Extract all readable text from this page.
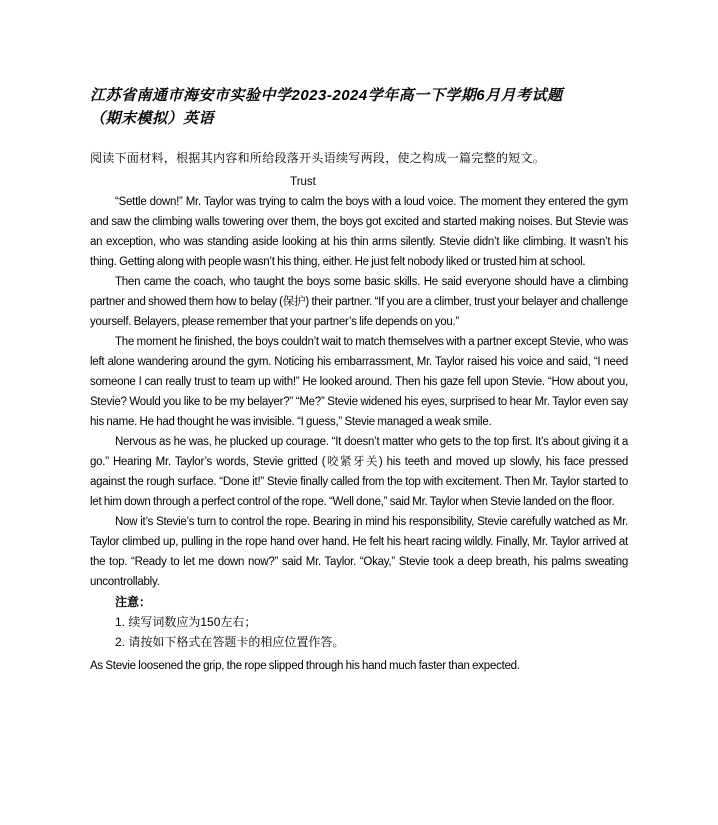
江苏省南通市海安市实验中学2023-2024学年高一下学期6月月考试题
（期末模拟）英语
阅读下面材料，根据其内容和所给段落开头语续写两段，使之构成一篇完整的短文。
Trust

“Settle down!” Mr. Taylor was trying to calm the boys with a loud voice. The moment they entered the gym and saw the climbing walls towering over them, the boys got excited and started making noises. But Stevie was an exception, who was standing aside looking at his thin arms silently. Stevie didn’t like climbing. It wasn’t his thing. Getting along with people wasn’t his thing, either. He just felt nobody liked or trusted him at school.

Then came the coach, who taught the boys some basic skills. He said everyone should have a climbing partner and showed them how to belay (保护) their partner. “If you are a climber, trust your belayer and challenge yourself. Belayers, please remember that your partner’s life depends on you.”

The moment he finished, the boys couldn’t wait to match themselves with a partner except Stevie, who was left alone wandering around the gym. Noticing his embarrassment, Mr. Taylor raised his voice and said, “I need someone I can really trust to team up with!” He looked around. Then his gaze fell upon Stevie. “How about you, Stevie? Would you like to be my belayer?” “Me?” Stevie widened his eyes, surprised to hear Mr. Taylor even say his name. He had thought he was invisible. “I guess,” Stevie managed a weak smile.

Nervous as he was, he plucked up courage. “It doesn’t matter who gets to the top first. It’s about giving it a go.” Hearing Mr. Taylor’s words, Stevie gritted (咬紧牙关) his teeth and moved up slowly, his face pressed against the rough surface. “Done it!” Stevie finally called from the top with excitement. Then Mr. Taylor started to let him down through a perfect control of the rope. “Well done,” said Mr. Taylor when Stevie landed on the floor.

Now it’s Stevie’s turn to control the rope. Bearing in mind his responsibility, Stevie carefully watched as Mr. Taylor climbed up, pulling in the rope hand over hand. He felt his heart racing wildly. Finally, Mr. Taylor arrived at the top. “Ready to let me down now?” said Mr. Taylor. “Okay,” Stevie took a deep breath, his palms sweating uncontrollably.

注意：
1. 续写词数应为150左右；
2. 请按如下格式在答题卡的相应位置作答。
As Stevie loosened the grip, the rope slipped through his hand much faster than expected.
